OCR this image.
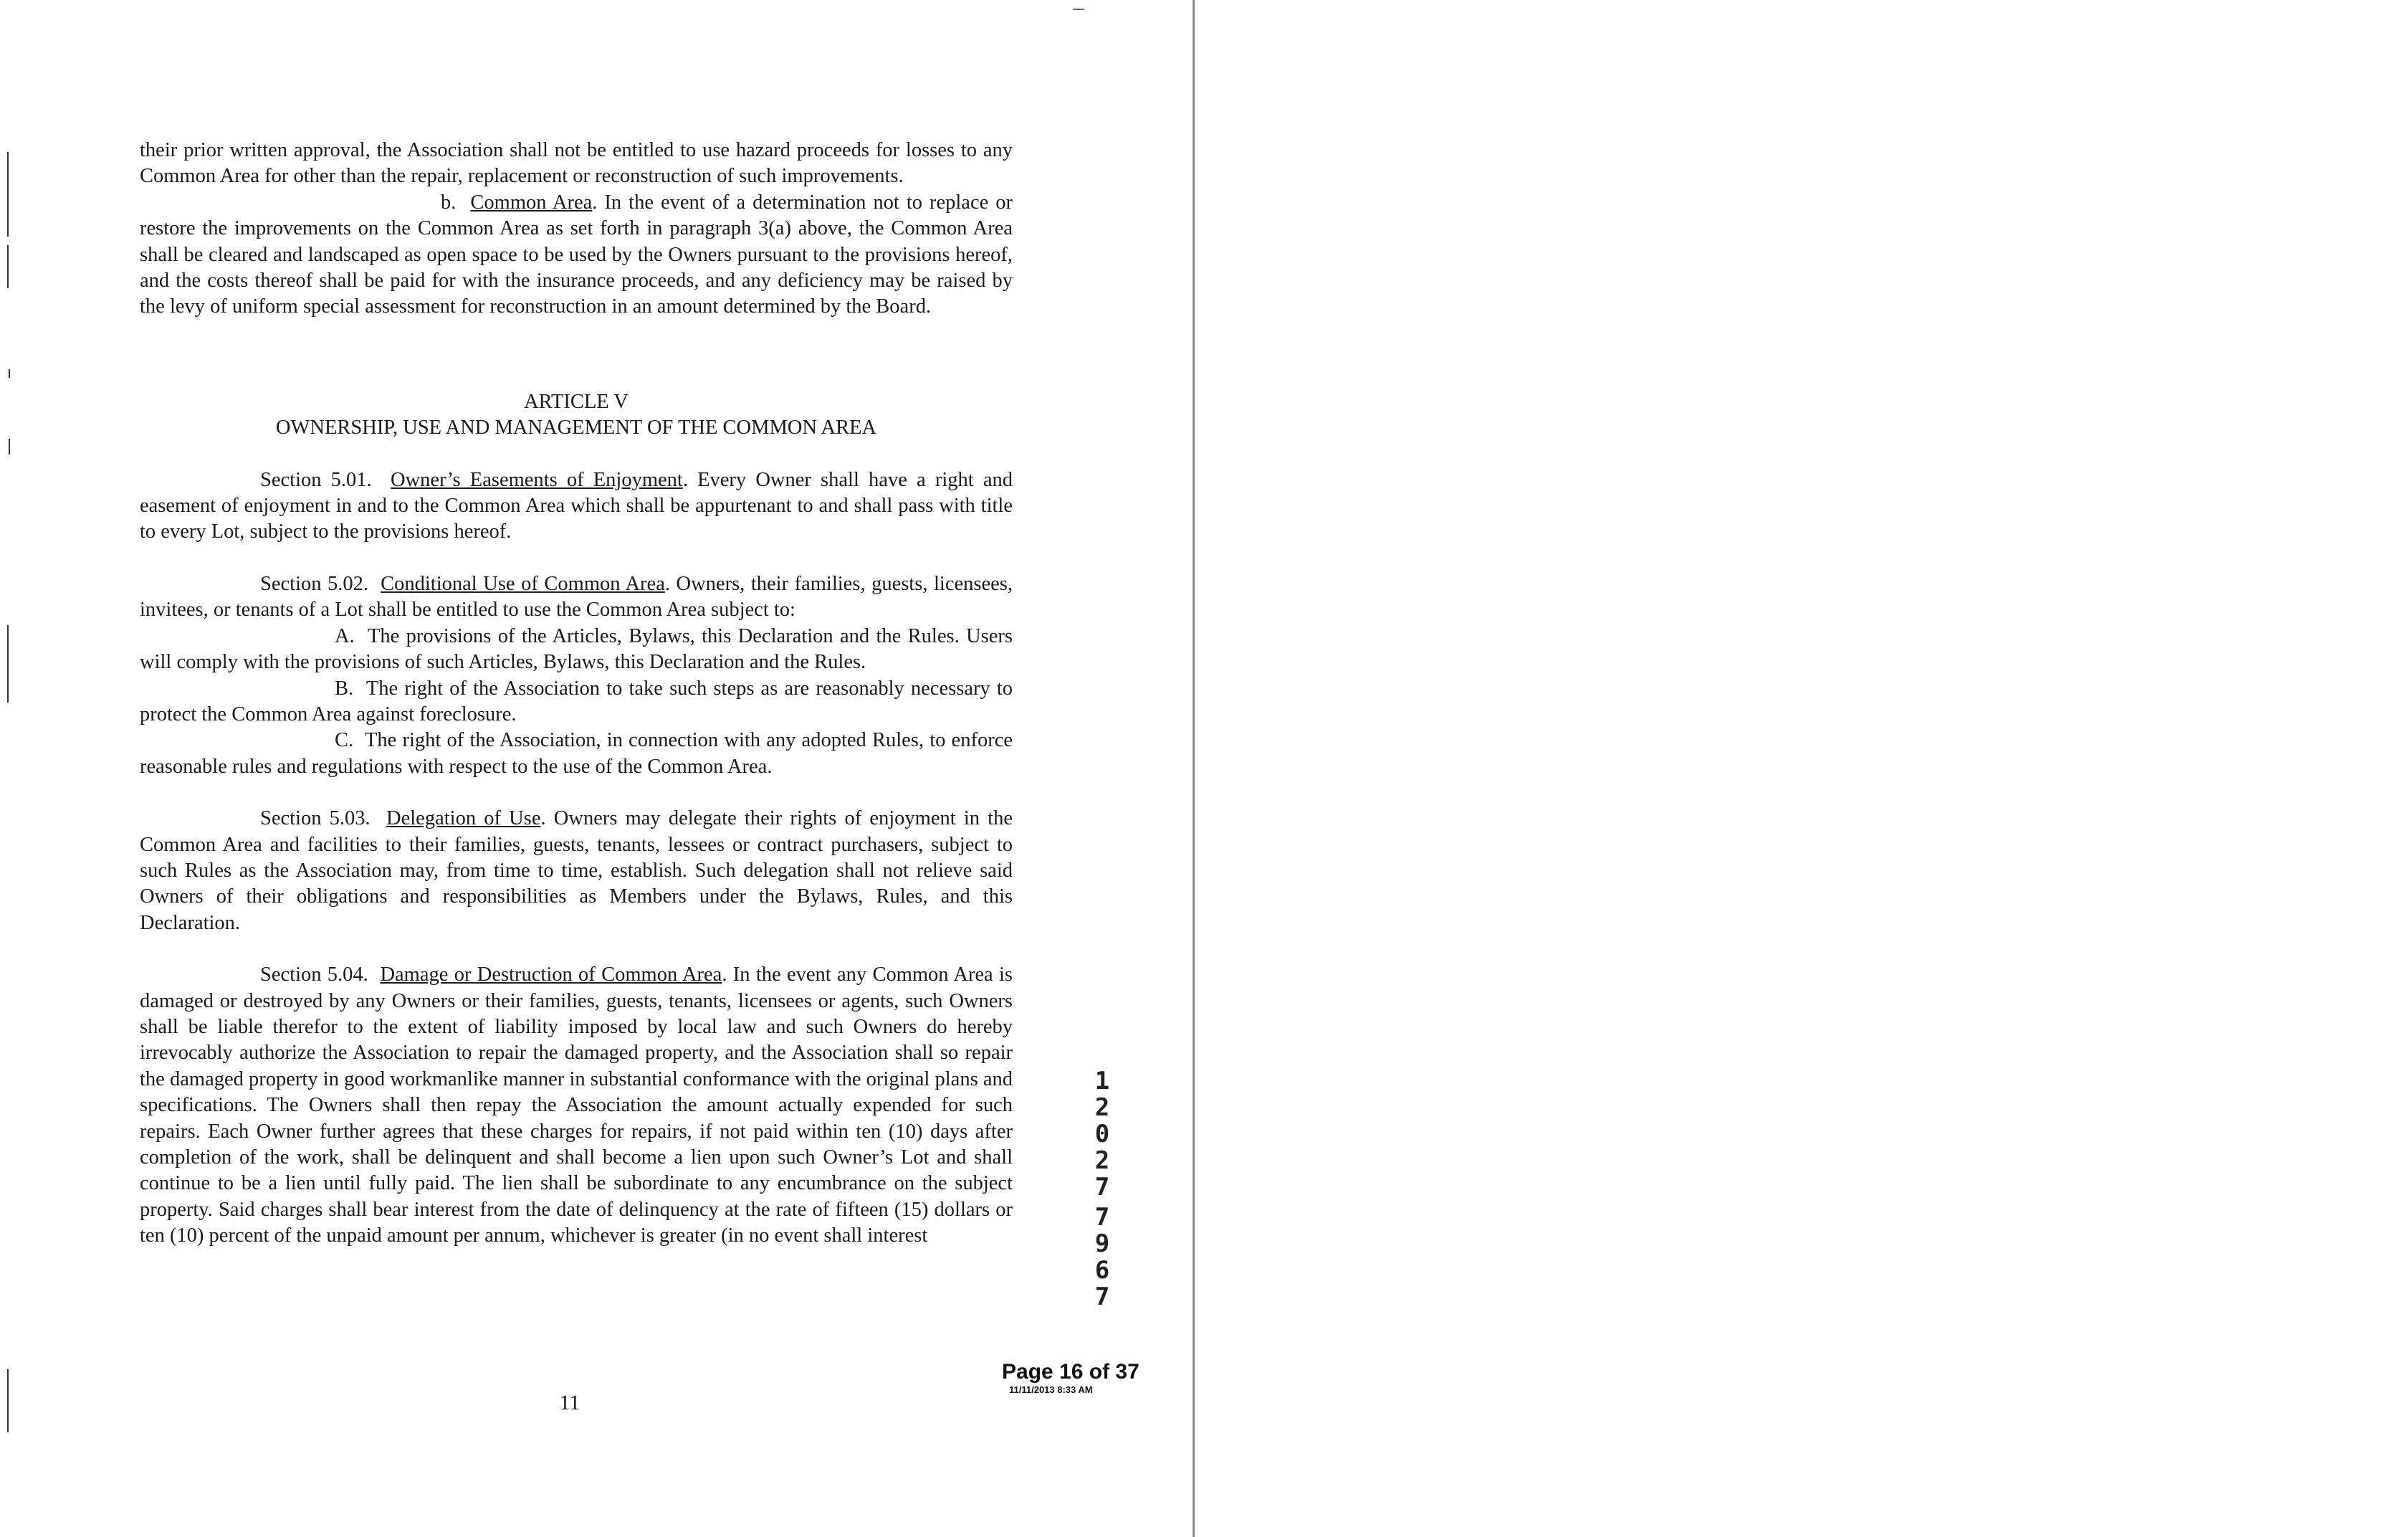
their prior written approval, the Association shall not be entitled to use hazard proceeds for losses to any Common Area for other than the repair, replacement or reconstruction of such improvements.

b. Common Area. In the event of a determination not to replace or restore the improvements on the Common Area as set forth in paragraph 3(a) above, the Common Area shall be cleared and landscaped as open space to be used by the Owners pursuant to the provisions hereof, and the costs thereof shall be paid for with the insurance proceeds, and any deficiency may be raised by the levy of uniform special assessment for reconstruction in an amount determined by the Board.

ARTICLE V

OWNERSHIP, USE AND MANAGEMENT OF THE COMMON AREA

Section 5.01. Owner’s Easements of Enjoyment. Every Owner shall have a right and easement of enjoyment in and to the Common Area which shall be appurtenant to and shall pass with title to every Lot, subject to the provisions hereof.

Section 5.02. Conditional Use of Common Area. Owners, their families, guests, licensees, invitees, or tenants of a Lot shall be entitled to use the Common Area subject to:

A. The provisions of the Articles, Bylaws, this Declaration and the Rules. Users will comply with the provisions of such Articles, Bylaws, this Declaration and the Rules.

B. The right of the Association to take such steps as are reasonably necessary to protect the Common Area against foreclosure.

C. The right of the Association, in connection with any adopted Rules, to enforce reasonable rules and regulations with respect to the use of the Common Area.

Section 5.03. Delegation of Use. Owners may delegate their rights of enjoyment in the Common Area and facilities to their families, guests, tenants, lessees or contract purchasers, subject to such Rules as the Association may, from time to time, establish. Such delegation shall not relieve said Owners of their obligations and responsibilities as Members under the Bylaws, Rules, and this Declaration.

Section 5.04. Damage or Destruction of Common Area. In the event any Common Area is damaged or destroyed by any Owners or their families, guests, tenants, licensees or agents, such Owners shall be liable therefor to the extent of liability imposed by local law and such Owners do hereby irrevocably authorize the Association to repair the damaged property, and the Association shall so repair the damaged property in good workmanlike manner in substantial conformance with the original plans and specifications. The Owners shall then repay the Association the amount actually expended for such repairs. Each Owner further agrees that these charges for repairs, if not paid within ten (10) days after completion of the work, shall be delinquent and shall become a lien upon such Owner’s Lot and shall continue to be a lien until fully paid. The lien shall be subordinate to any encumbrance on the subject property. Said charges shall bear interest from the date of delinquency at the rate of fifteen (15) dollars or ten (10) percent of the unpaid amount per annum, whichever is greater (in no event shall interest

1
2
0
2
7
7
9
6
7
Page 16 of 37
11/11/2013 8:33 AM
11
